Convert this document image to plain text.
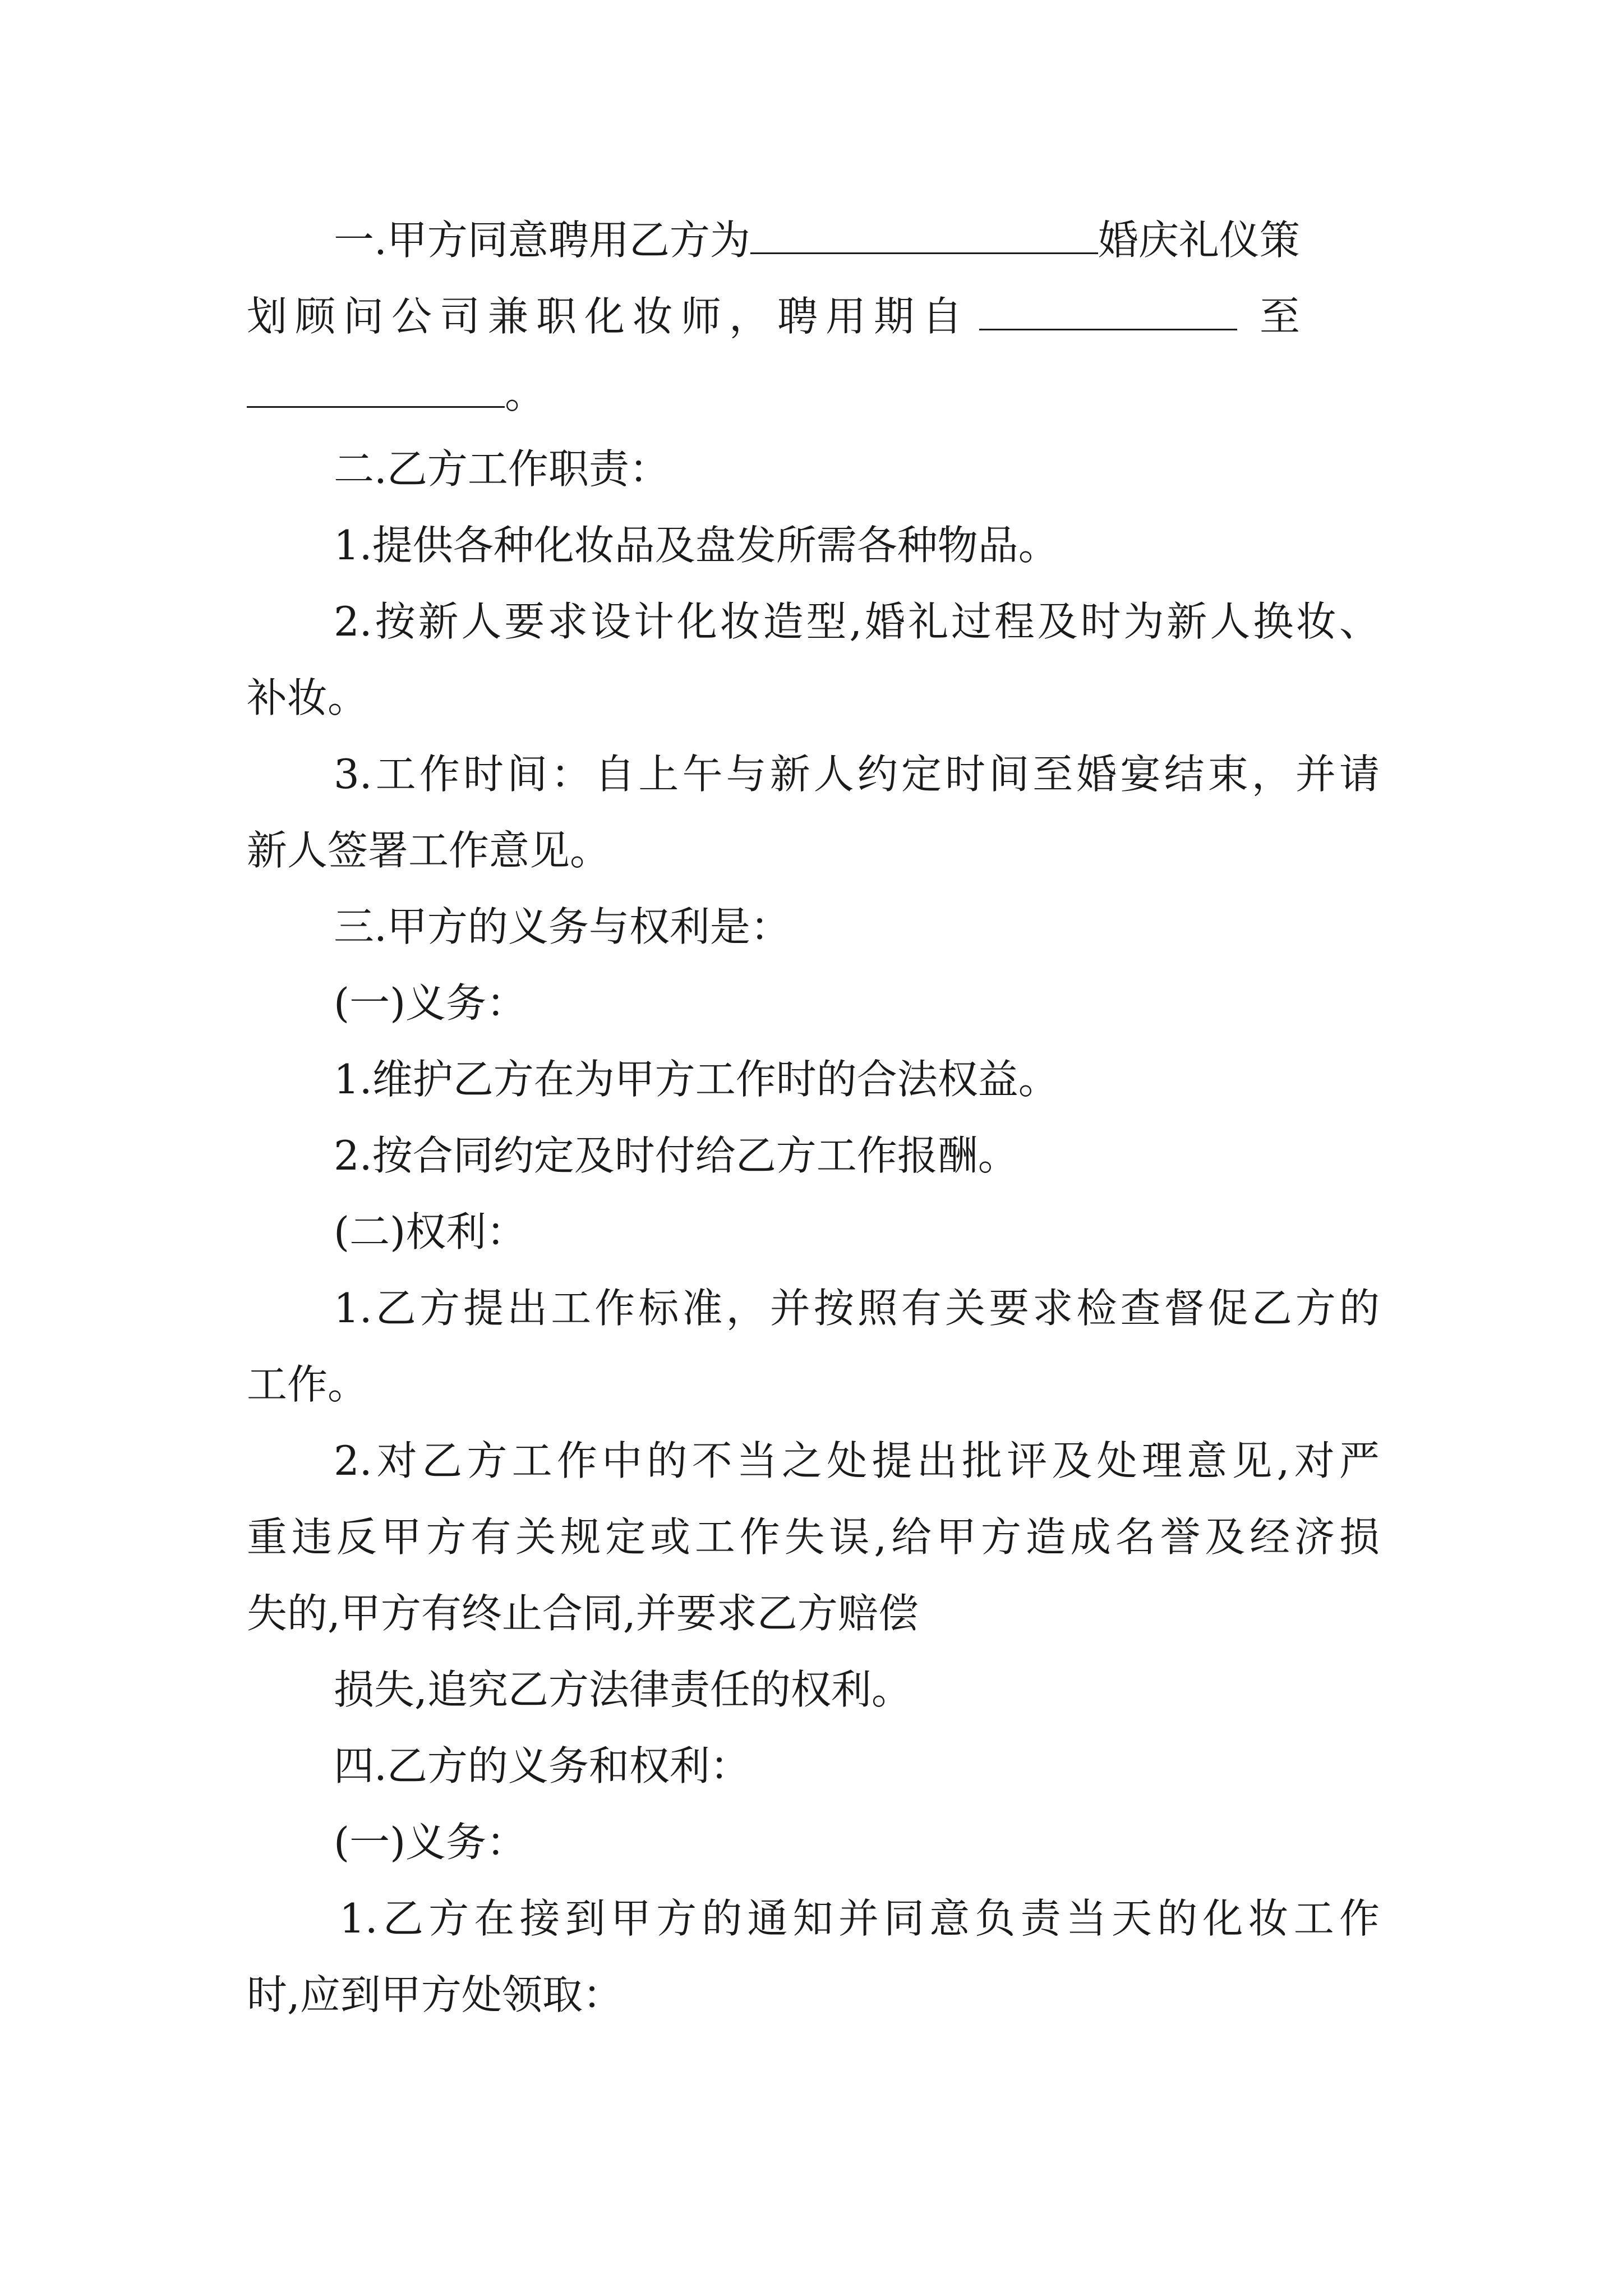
一.甲方同意聘用乙方为	婚庆礼仪策
划顾问公司兼职化妆师，聘用期自	至
。
二.乙方工作职责：
1.提供各种化妆品及盘发所需各种物品。
2.按新人要求设计化妆造型,婚礼过程及时为新人换妆、
补妆。
3.工作时间：自上午与新人约定时间至婚宴结束，并请
新人签署工作意见。
三.甲方的义务与权利是：
(一)义务：
1.维护乙方在为甲方工作时的合法权益。
2.按合同约定及时付给乙方工作报酬。
(二)权利：
1.乙方提出工作标准，并按照有关要求检查督促乙方的
工作。
2.对乙方工作中的不当之处提出批评及处理意见,对严
重违反甲方有关规定或工作失误,给甲方造成名誉及经济损
失的,甲方有终止合同,并要求乙方赔偿
损失,追究乙方法律责任的权利。
四.乙方的义务和权利：
(一)义务：
1.乙方在接到甲方的通知并同意负责当天的化妆工作
时,应到甲方处领取：
